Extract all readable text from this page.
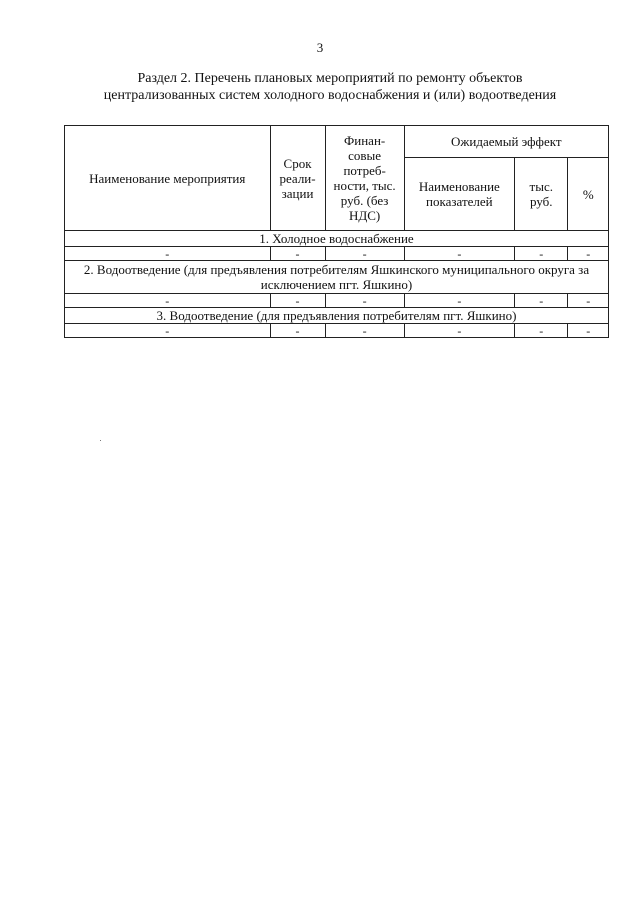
3
Раздел 2. Перечень плановых мероприятий по ремонту объектов
централизованных систем холодного водоснабжения и (или) водоотведения
Наименование мероприятия	Срок реали-зации	Финан-совые потреб-ности, тыс. руб. (без НДС)	Ожидаемый эффект		
			Наименование показателей	тыс. руб.	%
1. Холодное водоснабжение					
-	-	-	-	-	-
2. Водоотведение (для предъявления потребителям Яшкинского муниципального округа за исключением пгт. Яшкино)					
-	-	-	-	-	-
3. Водоотведение (для предъявления потребителям пгт. Яшкино)					
-	-	-	-	-	-
